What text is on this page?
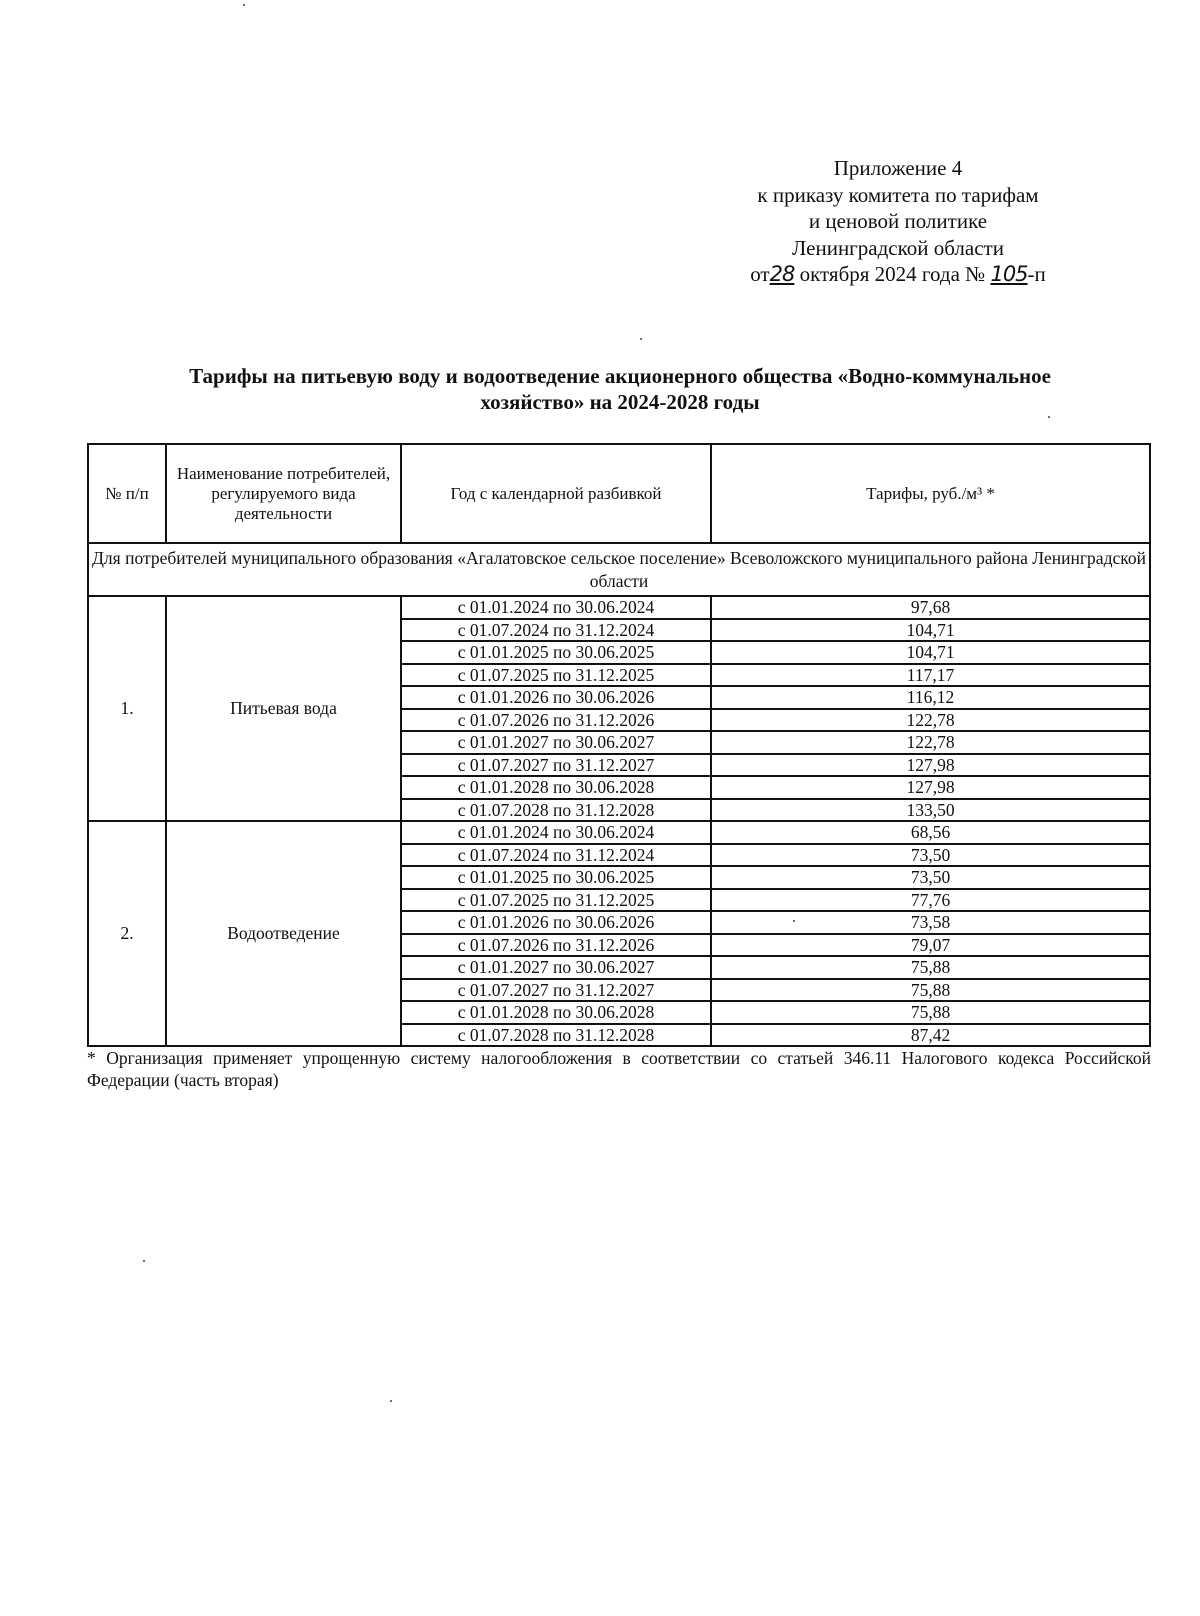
Приложение 4
к приказу комитета по тарифам
и ценовой политике
Ленинградской области
от28 октября 2024 года № 105-п
Тарифы на питьевую воду и водоотведение акционерного общества «Водно-коммунальное
хозяйство» на 2024-2028 годы
№ п/п	Наименование потребителей, регулируемого вида деятельности	Год с календарной разбивкой	Тарифы, руб./м³ *
Для потребителей муниципального образования «Агалатовское сельское поселение» Всеволожского муниципального района Ленинградской области			
1.	Питьевая вода	с 01.01.2024 по 30.06.2024	97,68
		с 01.07.2024 по 31.12.2024	104,71
		с 01.01.2025 по 30.06.2025	104,71
		с 01.07.2025 по 31.12.2025	117,17
		с 01.01.2026 по 30.06.2026	116,12
		с 01.07.2026 по 31.12.2026	122,78
		с 01.01.2027 по 30.06.2027	122,78
		с 01.07.2027 по 31.12.2027	127,98
		с 01.01.2028 по 30.06.2028	127,98
		с 01.07.2028 по 31.12.2028	133,50
2.	Водоотведение	с 01.01.2024 по 30.06.2024	68,56
		с 01.07.2024 по 31.12.2024	73,50
		с 01.01.2025 по 30.06.2025	73,50
		с 01.07.2025 по 31.12.2025	77,76
		с 01.01.2026 по 30.06.2026	73,58
		с 01.07.2026 по 31.12.2026	79,07
		с 01.01.2027 по 30.06.2027	75,88
		с 01.07.2027 по 31.12.2027	75,88
		с 01.01.2028 по 30.06.2028	75,88
		с 01.07.2028 по 31.12.2028	87,42
* Организация применяет упрощенную систему налогообложения в соответствии со статьей 346.11 Налогового кодекса Российской Федерации (часть вторая)
